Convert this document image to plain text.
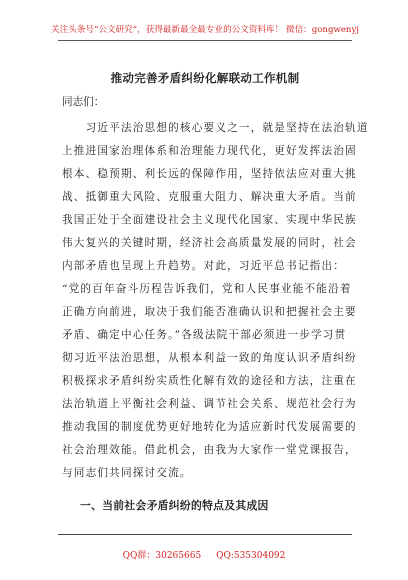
关注头条号“公文研究”，获得最新最全最专业的公文资料库！ 微信：gongwenyj
推动完善矛盾纠纷化解联动工作机制
同志们：
　　习近平法治思想的核心要义之一，就是坚持在法治轨道
上推进国家治理体系和治理能力现代化，更好发挥法治固
根本、稳预期、利长远的保障作用，坚持依法应对重大挑
战、抵御重大风险、克服重大阻力、解决重大矛盾。当前
我国正处于全面建设社会主义现代化国家、实现中华民族
伟大复兴的关键时期，经济社会高质量发展的同时，社会
内部矛盾也呈现上升趋势。对此，习近平总书记指出：
“党的百年奋斗历程告诉我们，党和人民事业能不能沿着
正确方向前进，取决于我们能否准确认识和把握社会主要
矛盾、确定中心任务。”各级法院干部必须进一步学习贯
彻习近平法治思想，从根本利益一致的角度认识矛盾纠纷
积极探求矛盾纠纷实质性化解有效的途径和方法，注重在
法治轨道上平衡社会利益、调节社会关系、规范社会行为
推动我国的制度优势更好地转化为适应新时代发展需要的
社会治理效能。借此机会，由我为大家作一堂党课报告，
与同志们共同探讨交流。
一、当前社会矛盾纠纷的特点及其成因
QQ群：30265665 QQ:535304092
